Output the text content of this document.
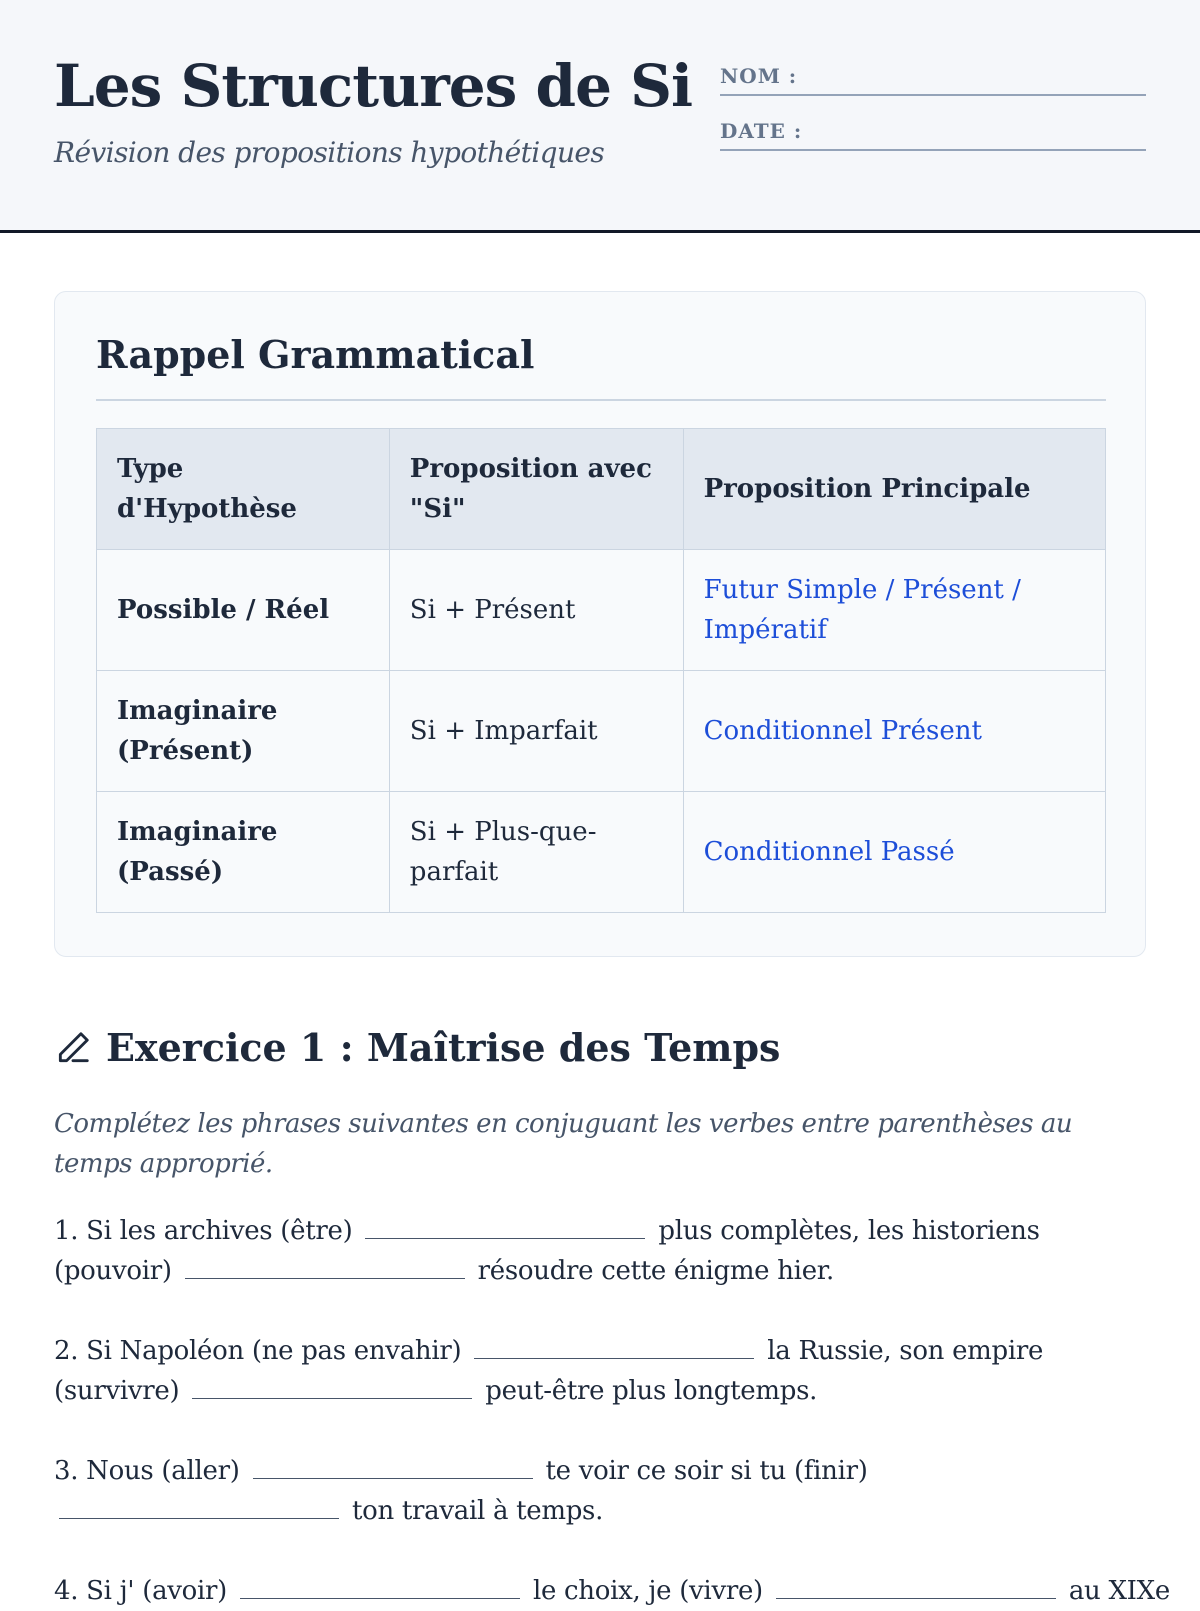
Les Structures de Si
Révision des propositions hypothétiques
NOM :
DATE :
Rappel Grammatical
Type d'Hypothèse	Proposition avec "Si"	Proposition Principale
Possible / Réel	Si + Présent	Futur Simple / Présent / Impératif
Imaginaire (Présent)	Si + Imparfait	Conditionnel Présent
Imaginaire (Passé)	Si + Plus-que-parfait	Conditionnel Passé
Exercice 1 : Maîtrise des Temps

Complétez les phrases suivantes en conjuguant les verbes entre parenthèses au temps approprié.

1. Si les archives (être)	plus complètes, les historiens (pouvoir)	résoudre cette énigme hier.

2. Si Napoléon (ne pas envahir)	la Russie, son empire (survivre)	peut-être plus longtemps.

3. Nous (aller)	te voir ce soir si tu (finir)  ton travail à temps.

4. Si j' (avoir)	le choix, je (vivre)	au XIXe
